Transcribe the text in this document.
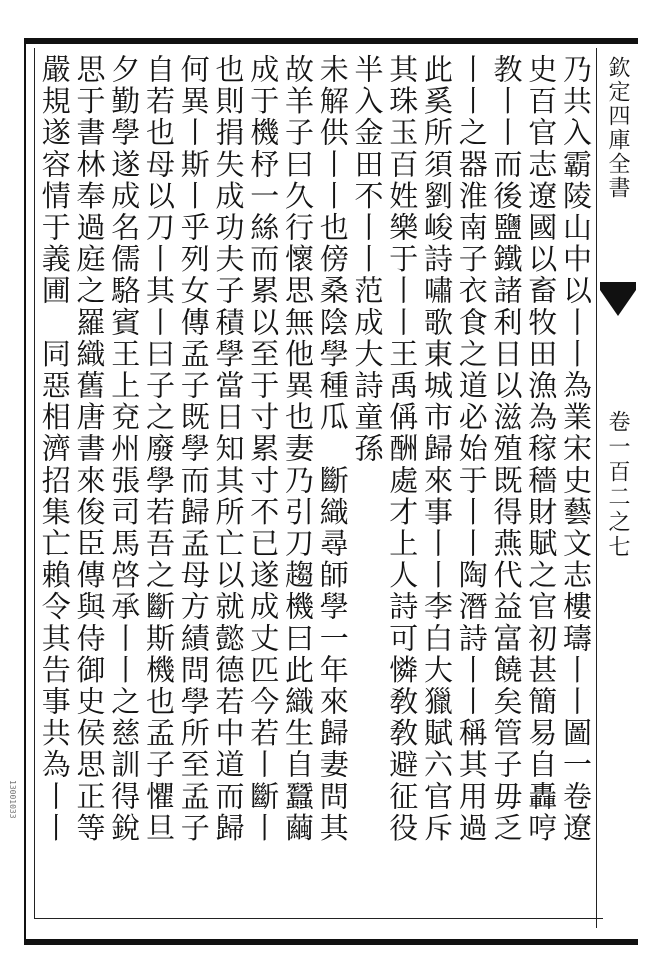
欽定四庫全書
卷一百二之七
乃共入霸陵山中以丨丨為業宋史藝文志樓璹丨丨圖一卷遼
史百官志遼國以畜牧田漁為稼穡財賦之官初甚簡易自轟哼
教丨丨而後鹽鐵諸利日以滋殖既得燕代益富饒矣管子毋乏
丨丨之器淮南子衣食之道必始于丨丨陶潛詩丨丨稱其用過
此奚所須劉峻詩嘯歌東城市歸來事丨丨李白大獵賦六官斥
其珠玉百姓樂于丨丨王禹偁酬處才上人詩可憐敎敎避征役
半入金田不丨丨范成大詩童孫
未解供丨丨也傍桑陰學種瓜　斷織尋師學一年來歸妻問其
故羊子曰久行懷思無他異也妻乃引刀趨機曰此織生自蠶繭
成于機杼一絲而累以至于寸累寸不已遂成丈匹今若丨斷丨
也則捐失成功夫子積學當日知其所亡以就懿德若中道而歸
何異丨斯丨乎列女傳孟子既學而歸孟母方績問學所至孟子
自若也母以刀丨其丨曰子之廢學若吾之斷斯機也孟子懼旦
夕勤學遂成名儒駱賓王上兗州張司馬啓承丨丨之慈訓得銳
思于書林奉過庭之羅織舊唐書來俊臣傳與侍御史侯思正等
嚴規遂容情于義圃　同惡相濟招集亡賴令其告事共為丨丨
13001033
